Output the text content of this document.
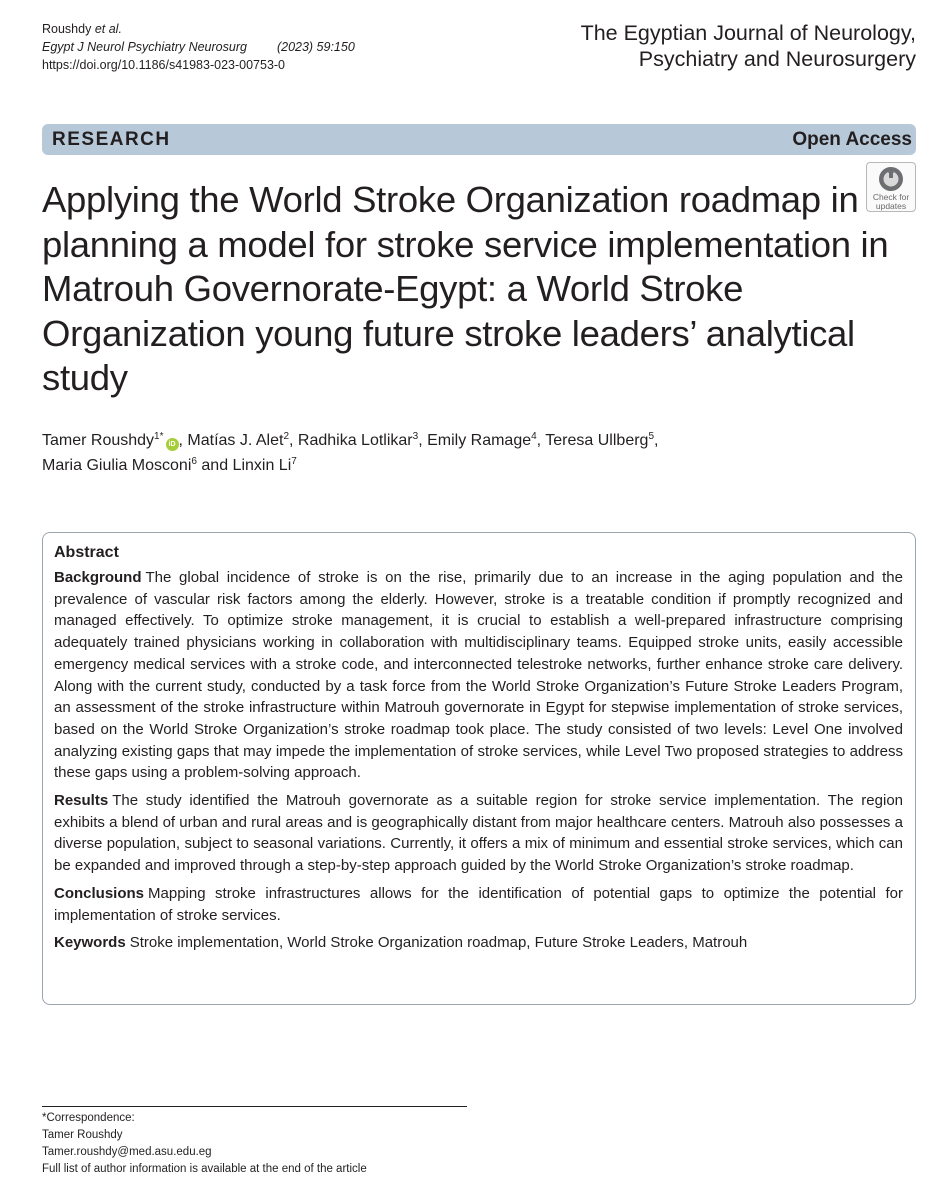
Roushdy et al.
Egypt J Neurol Psychiatry Neurosurg (2023) 59:150
https://doi.org/10.1186/s41983-023-00753-0
The Egyptian Journal of Neurology,
Psychiatry and Neurosurgery
RESEARCH	Open Access
Check for
updates
Applying the World Stroke Organization roadmap in planning a model for stroke service implementation in Matrouh Governorate-Egypt: a World Stroke Organization young future stroke leaders’ analytical study
Tamer Roushdy$^{1*}$iD , Matías J. Alet$^2$, Radhika Lotlikar$^3$, Emily Ramage$^4$, Teresa Ullberg$^5$,
Maria Giulia Mosconi$^6$ and Linxin Li$^7$
Abstract

Background The global incidence of stroke is on the rise, primarily due to an increase in the aging population and the prevalence of vascular risk factors among the elderly. However, stroke is a treatable condition if promptly recognized and managed effectively. To optimize stroke management, it is crucial to establish a well-prepared infrastructure comprising adequately trained physicians working in collaboration with multidisciplinary teams. Equipped stroke units, easily accessible emergency medical services with a stroke code, and interconnected telestroke networks, further enhance stroke care delivery. Along with the current study, conducted by a task force from the World Stroke Organization’s Future Stroke Leaders Program, an assessment of the stroke infrastructure within Matrouh governorate in Egypt for stepwise implementation of stroke services, based on the World Stroke Organization’s stroke roadmap took place. The study consisted of two levels: Level One involved analyzing existing gaps that may impede the implementation of stroke services, while Level Two proposed strategies to address these gaps using a problem-solving approach.

Results The study identified the Matrouh governorate as a suitable region for stroke service implementation. The region exhibits a blend of urban and rural areas and is geographically distant from major healthcare centers. Matrouh also possesses a diverse population, subject to seasonal variations. Currently, it offers a mix of minimum and essential stroke services, which can be expanded and improved through a step-by-step approach guided by the World Stroke Organization’s stroke roadmap.

Conclusions Mapping stroke infrastructures allows for the identification of potential gaps to optimize the potential for implementation of stroke services.

Keywords Stroke implementation, World Stroke Organization roadmap, Future Stroke Leaders, Matrouh

*Correspondence:
Tamer Roushdy
Tamer.roushdy@med.asu.edu.eg
Full list of author information is available at the end of the article
